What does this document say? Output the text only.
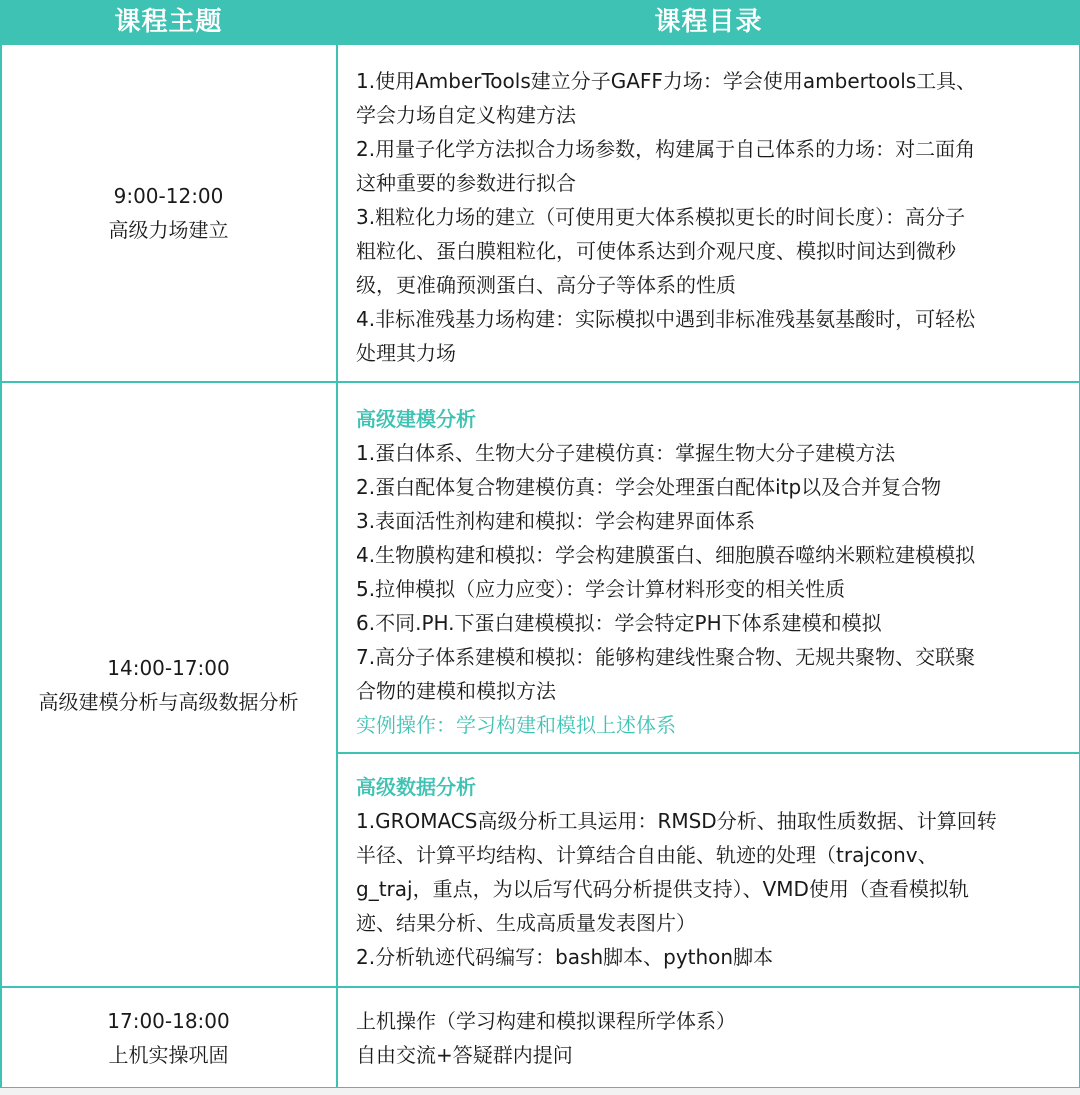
课程主题	课程目录
9:00-12:00
高级力场建立
1.使用AmberTools建立分子GAFF力场：学会使用ambertools工具、
学会力场自定义构建方法
2.用量子化学方法拟合力场参数，构建属于自己体系的力场：对二面角
这种重要的参数进行拟合
3.粗粒化力场的建立（可使用更大体系模拟更长的时间长度）：高分子
粗粒化、蛋白膜粗粒化，可使体系达到介观尺度、模拟时间达到微秒
级，更准确预测蛋白、高分子等体系的性质
4.非标准残基力场构建：实际模拟中遇到非标准残基氨基酸时，可轻松
处理其力场
14:00-17:00
高级建模分析与高级数据分析
高级建模分析
1.蛋白体系、生物大分子建模仿真：掌握生物大分子建模方法
2.蛋白配体复合物建模仿真：学会处理蛋白配体itp以及合并复合物
3.表面活性剂构建和模拟：学会构建界面体系
4.生物膜构建和模拟：学会构建膜蛋白、细胞膜吞噬纳米颗粒建模模拟
5.拉伸模拟（应力应变）：学会计算材料形变的相关性质
6.不同.PH.下蛋白建模模拟：学会特定PH下体系建模和模拟
7.高分子体系建模和模拟：能够构建线性聚合物、无规共聚物、交联聚
合物的建模和模拟方法
实例操作：学习构建和模拟上述体系
高级数据分析
1.GROMACS高级分析工具运用：RMSD分析、抽取性质数据、计算回转
半径、计算平均结构、计算结合自由能、轨迹的处理（trajconv、
g_traj，重点，为以后写代码分析提供支持）、VMD使用（查看模拟轨
迹、结果分析、生成高质量发表图片）
2.分析轨迹代码编写：bash脚本、python脚本
17:00-18:00
上机实操巩固
上机操作（学习构建和模拟课程所学体系）
自由交流+答疑群内提问
